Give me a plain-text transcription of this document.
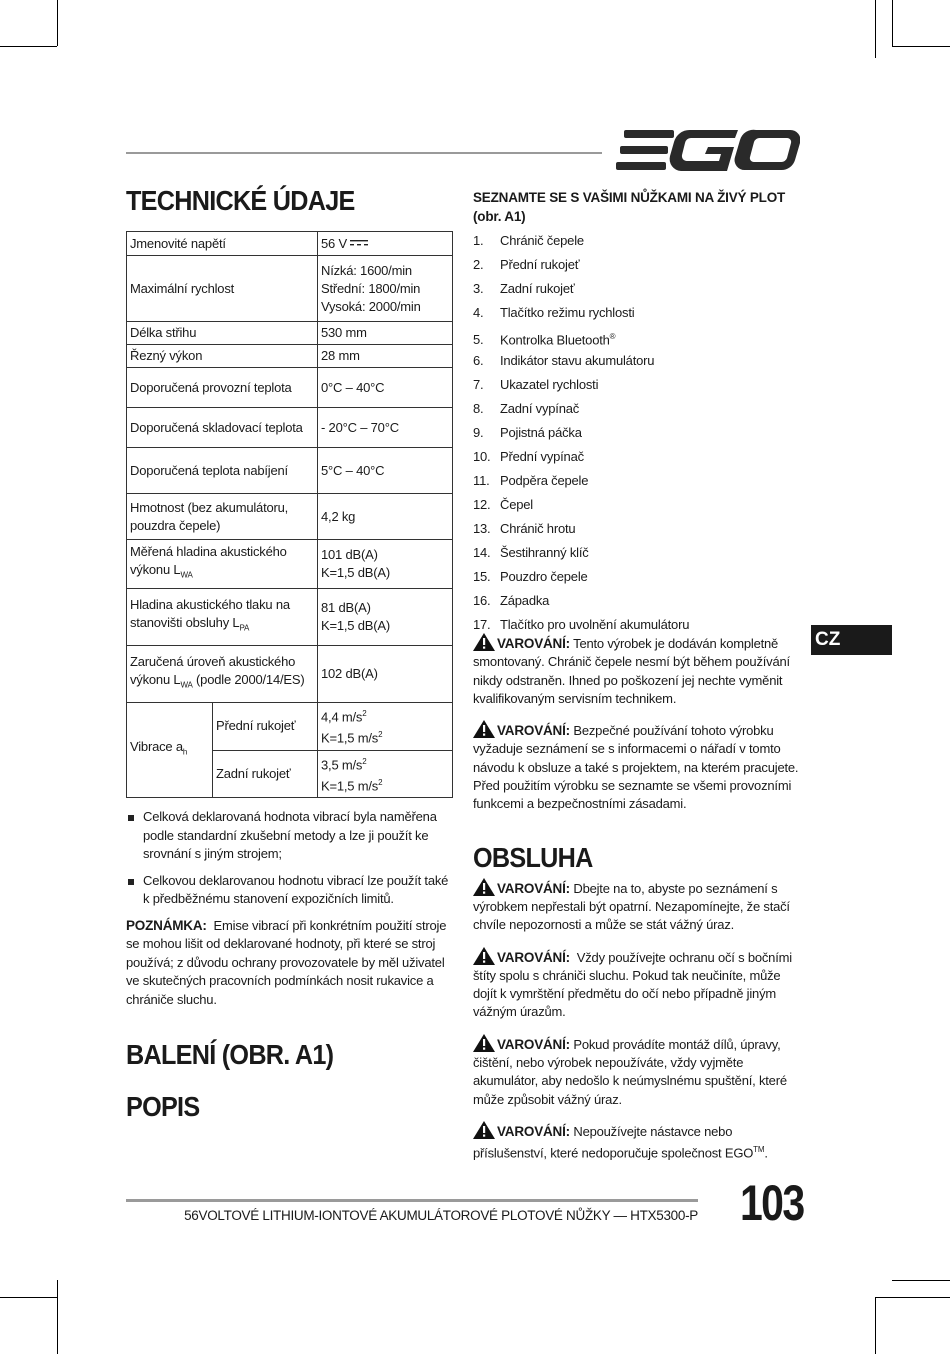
TECHNICKÉ ÚDAJE
Jmenovité napětí		56 V
Maximální rychlost		Nízká: 1600/min
Střední: 1800/min
Vysoká: 2000/min
Délka střihu		530 mm
Řezný výkon		28 mm
Doporučená provozní teplota		0°C – 40°C
Doporučená skladovací teplota		- 20°C – 70°C
Doporučená teplota nabíjení		5°C – 40°C
Hmotnost (bez akumulátoru,
pouzdra čepele)		4,2 kg
Měřená hladina akustického
výkonu $L_{WA}$		101 dB(A)
K=1,5 dB(A)
Hladina akustického tlaku na
stanovišti obsluhy $L_{PA}$		81 dB(A)
K=1,5 dB(A)
Zaručená úroveň akustického
výkonu $L_{WA}$ (podle 2000/14/ES)		102 dB(A)
Vibrace $a_h$	Přední rukojeť	4,4 $m/s^2$
K=1,5 $m/s^2$
	Zadní rukojeť	3,5 $m/s^2$
K=1,5 $m/s^2$
Celková deklarovaná hodnota vibrací byla naměřena podle standardní zkušební metody a lze ji použít ke srovnání s jiným strojem;
Celkovou deklarovanou hodnotu vibrací lze použít také k předběžnému stanovení expozičních limitů.
POZNÁMKA: Emise vibrací při konkrétním použití stroje se mohou lišit od deklarované hodnoty, při které se stroj používá; z důvodu ochrany provozovatele by měl uživatel ve skutečných pracovních podmínkách nosit rukavice a chrániče sluchu.
BALENÍ (OBR. A1)
POPIS
SEZNAMTE SE S VAŠIMI NŮŽKAMI NA ŽIVÝ PLOT (obr. A1)
1. Chránič čepele
2. Přední rukojeť
3. Zadní rukojeť
4. Tlačítko režimu rychlosti
5. Kontrolka Bluetooth®
6. Indikátor stavu akumulátoru
7. Ukazatel rychlosti
8. Zadní vypínač
9. Pojistná páčka
10. Přední vypínač
11. Podpěra čepele
12. Čepel
13. Chránič hrotu
14. Šestihranný klíč
15. Pouzdro čepele
16. Západka
17. Tlačítko pro uvolnění akumulátoru
VAROVÁNÍ: Tento výrobek je dodáván kompletně smontovaný. Chránič čepele nesmí být během používání nikdy odstraněn. Ihned po poškození jej nechte vyměnit kvalifikovaným servisním technikem.
VAROVÁNÍ: Bezpečné používání tohoto výrobku vyžaduje seznámení se s informacemi o nářadí v tomto návodu k obsluze a také s projektem, na kterém pracujete. Před použitím výrobku se seznamte se všemi provozními funkcemi a bezpečnostními zásadami.
OBSLUHA
VAROVÁNÍ: Dbejte na to, abyste po seznámení s výrobkem nepřestali být opatrní. Nezapomínejte, že stačí chvíle nepozornosti a může se stát vážný úraz.
VAROVÁNÍ: Vždy používejte ochranu očí s bočními štíty spolu s chrániči sluchu. Pokud tak neučiníte, může dojít k vymrštění předmětu do očí nebo případně jiným vážným úrazům.
VAROVÁNÍ: Pokud provádíte montáž dílů, úpravy, čištění, nebo výrobek nepoužíváte, vždy vyjměte akumulátor, aby nedošlo k neúmyslnému spuštění, které může způsobit vážný úraz.
VAROVÁNÍ: Nepoužívejte nástavce nebo příslušenství, které nedoporučuje společnost EGO™.
CZ
56VOLTOVÉ LITHIUM-IONTOVÉ AKUMULÁTOROVÉ PLOTOVÉ NŮŽKY — HTX5300-P 103
